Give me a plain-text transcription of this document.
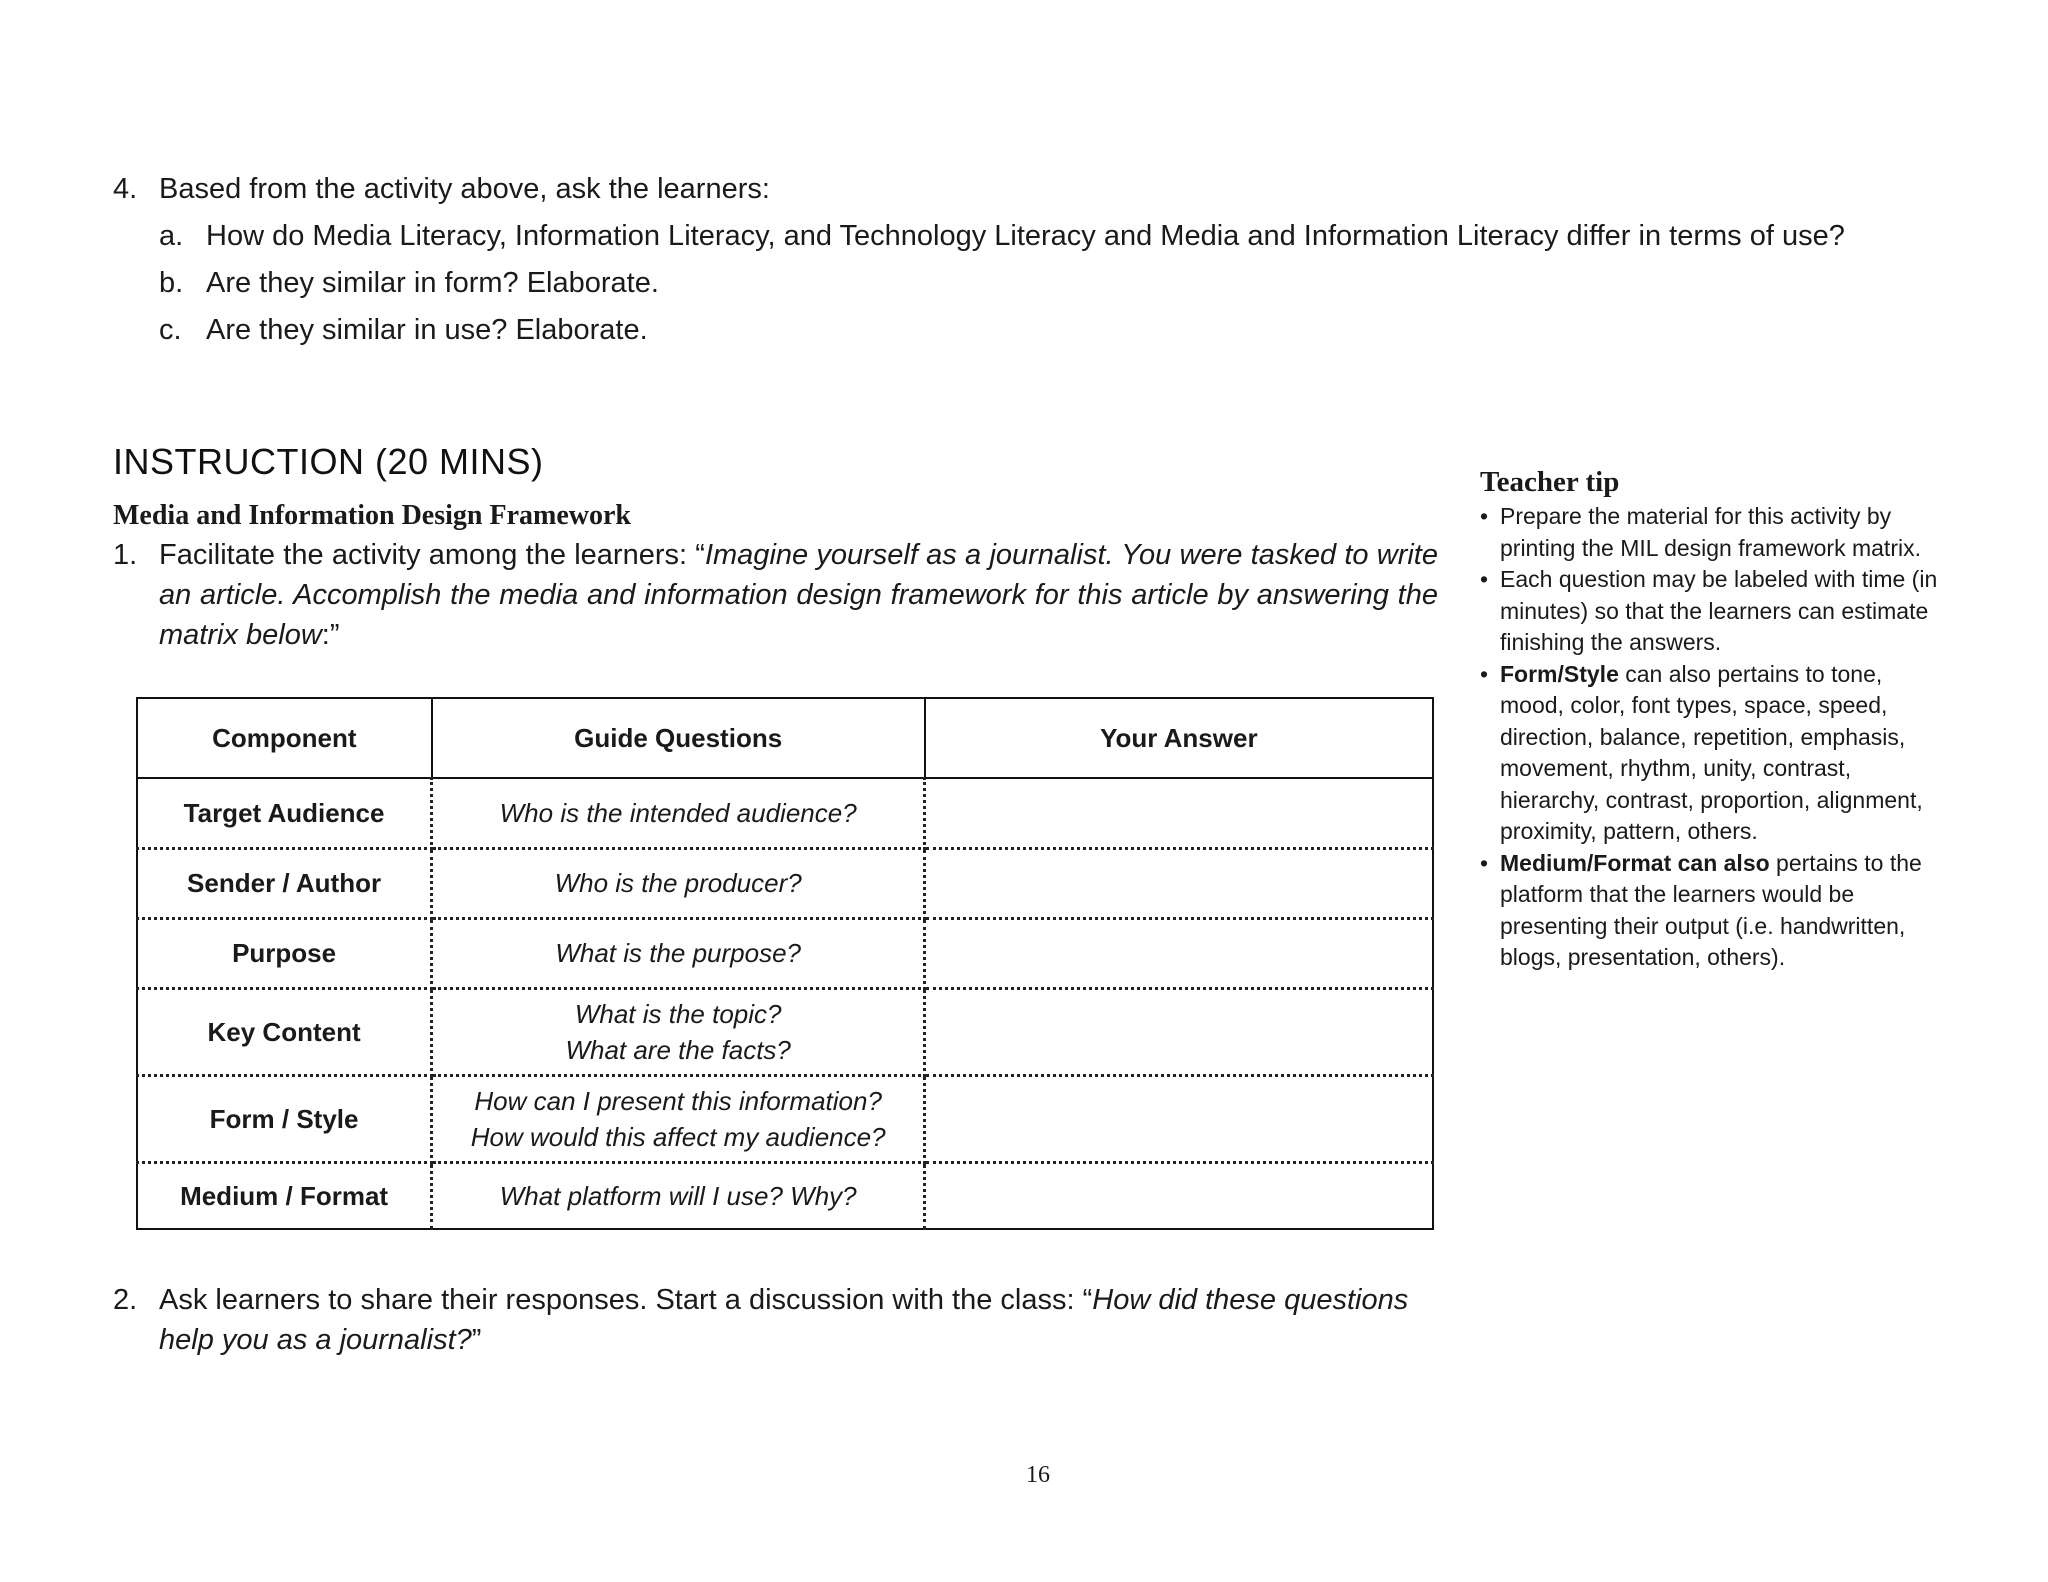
4. Based from the activity above, ask the learners:
a. How do Media Literacy, Information Literacy, and Technology Literacy and Media and Information Literacy differ in terms of use?
b. Are they similar in form? Elaborate.
c. Are they similar in use? Elaborate.
INSTRUCTION (20 MINS)
Media and Information Design Framework
1. Facilitate the activity among the learners: “Imagine yourself as a journalist. You were tasked to write an article. Accomplish the media and information design framework for this article by answering the matrix below:”
Component	Guide Questions	Your Answer
Target Audience	Who is the intended audience?	

Sender / Author	Who is the producer?	

Purpose	What is the purpose?	

Key Content	What is the topic?
What are the facts?	

Form / Style	How can I present this information?
How would this affect my audience?	

Medium / Format	What platform will I use? Why?	

2. Ask learners to share their responses. Start a discussion with the class: “How did these questions help you as a journalist?”
Teacher tip
• Prepare the material for this activity by printing the MIL design framework matrix.
• Each question may be labeled with time (in minutes) so that the learners can estimate finishing the answers.
• Form/Style can also pertains to tone, mood, color, font types, space, speed, direction, balance, repetition, emphasis, movement, rhythm, unity, contrast, hierarchy, contrast, proportion, alignment, proximity, pattern, others.
• Medium/Format can also pertains to the platform that the learners would be presenting their output (i.e. handwritten, blogs, presentation, others).
16
